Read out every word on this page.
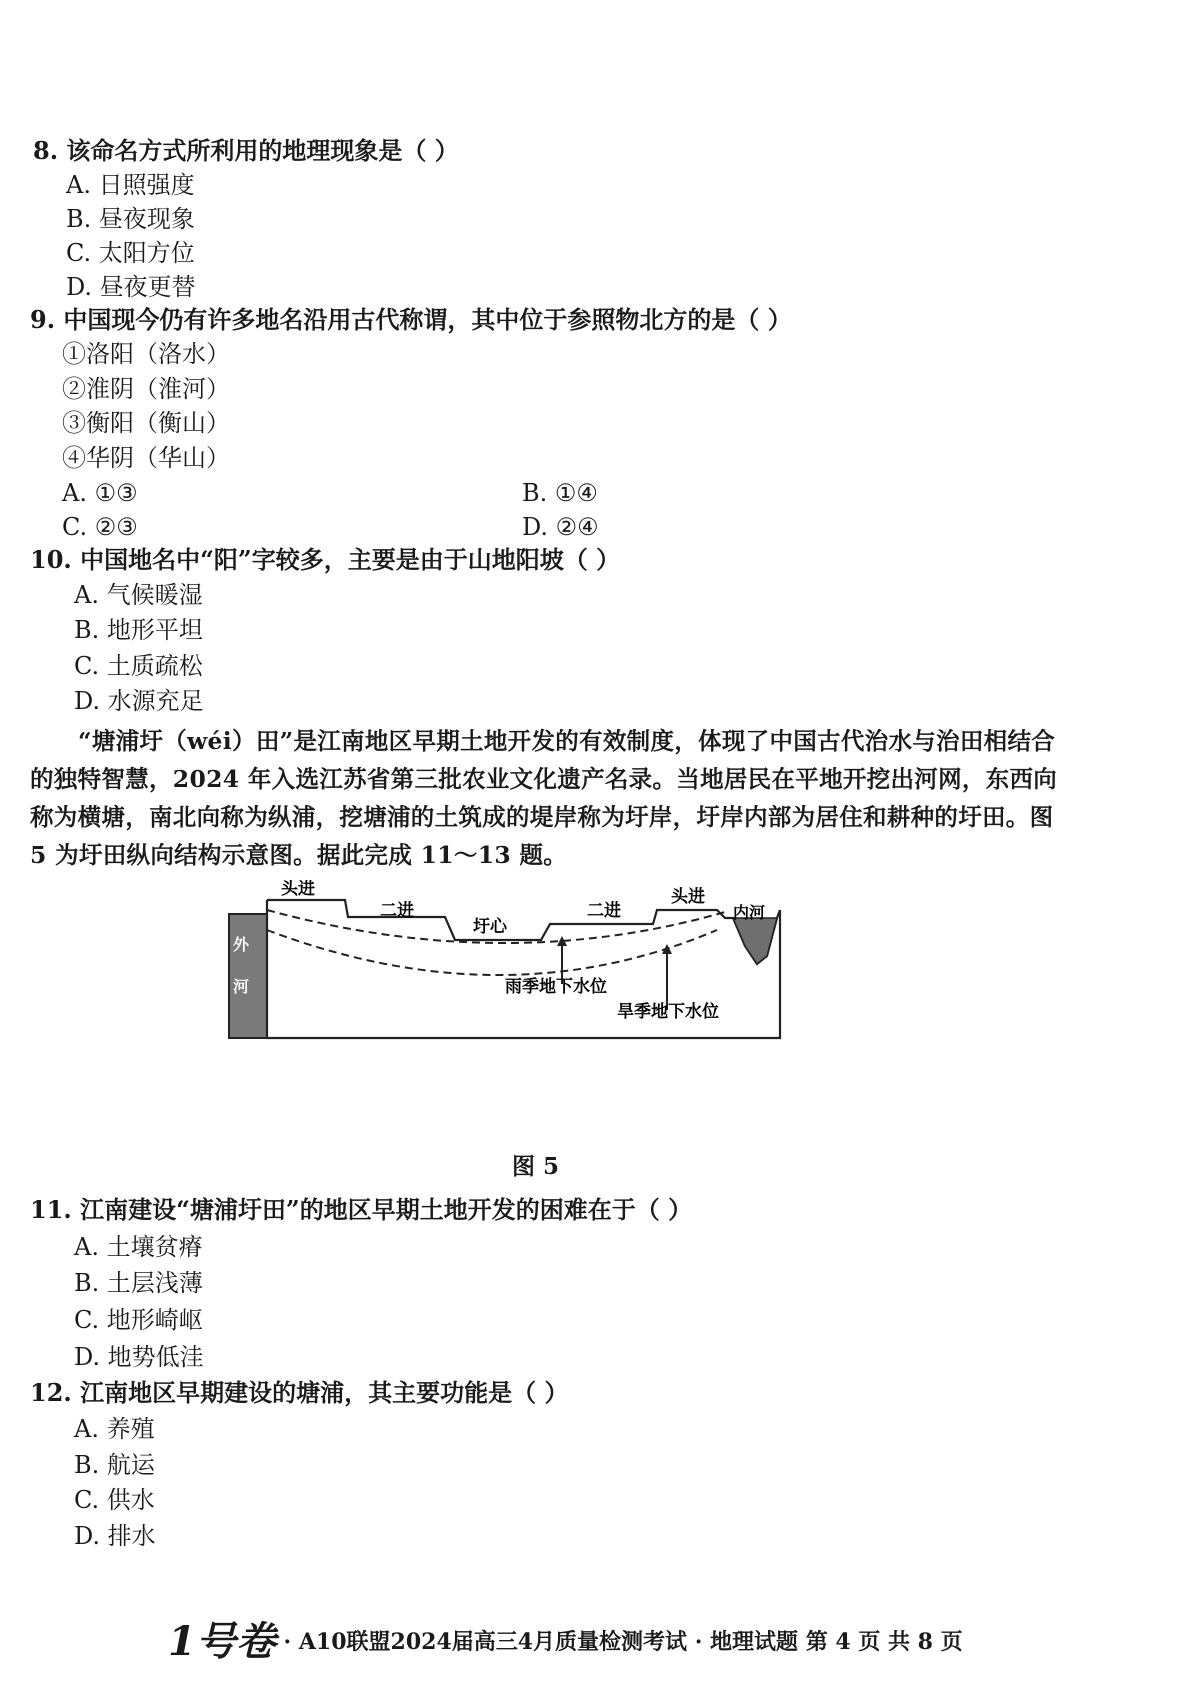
8. 该命名方式所利用的地理现象是（ ）
A. 日照强度
B. 昼夜现象
C. 太阳方位
D. 昼夜更替
9. 中国现今仍有许多地名沿用古代称谓，其中位于参照物北方的是（ ）
①洛阳（洛水）
②淮阴（淮河）
③衡阳（衡山）
④华阴（华山）
A. ①③	B. ①④
C. ②③	D. ②④
10. 中国地名中“阳”字较多，主要是由于山地阳坡（ ）
A. 气候暖湿
B. 地形平坦
C. 土质疏松
D. 水源充足

“塘浦圩（wéi）田”是江南地区早期土地开发的有效制度，体现了中国古代治水与治田相结合的独特智慧，2024 年入选江苏省第三批农业文化遗产名录。当地居民在平地开挖出河网，东西向称为横塘，南北向称为纵浦，挖塘浦的土筑成的堤岸称为圩岸，圩岸内部为居住和耕种的圩田。图 5 为圩田纵向结构示意图。据此完成 11～13 题。

外
河
头进
二进
圩心
二进
头进
内河
雨季地下水位
旱季地下水位
图 5
11. 江南建设“塘浦圩田”的地区早期土地开发的困难在于（ ）
A. 土壤贫瘠
B. 土层浅薄
C. 地形崎岖
D. 地势低洼
12. 江南地区早期建设的塘浦，其主要功能是（ ）
A. 养殖
B. 航运
C. 供水
D. 排水
1号卷 · A10联盟2024届高三4月质量检测考试 · 地理试题 第 4 页 共 8 页
